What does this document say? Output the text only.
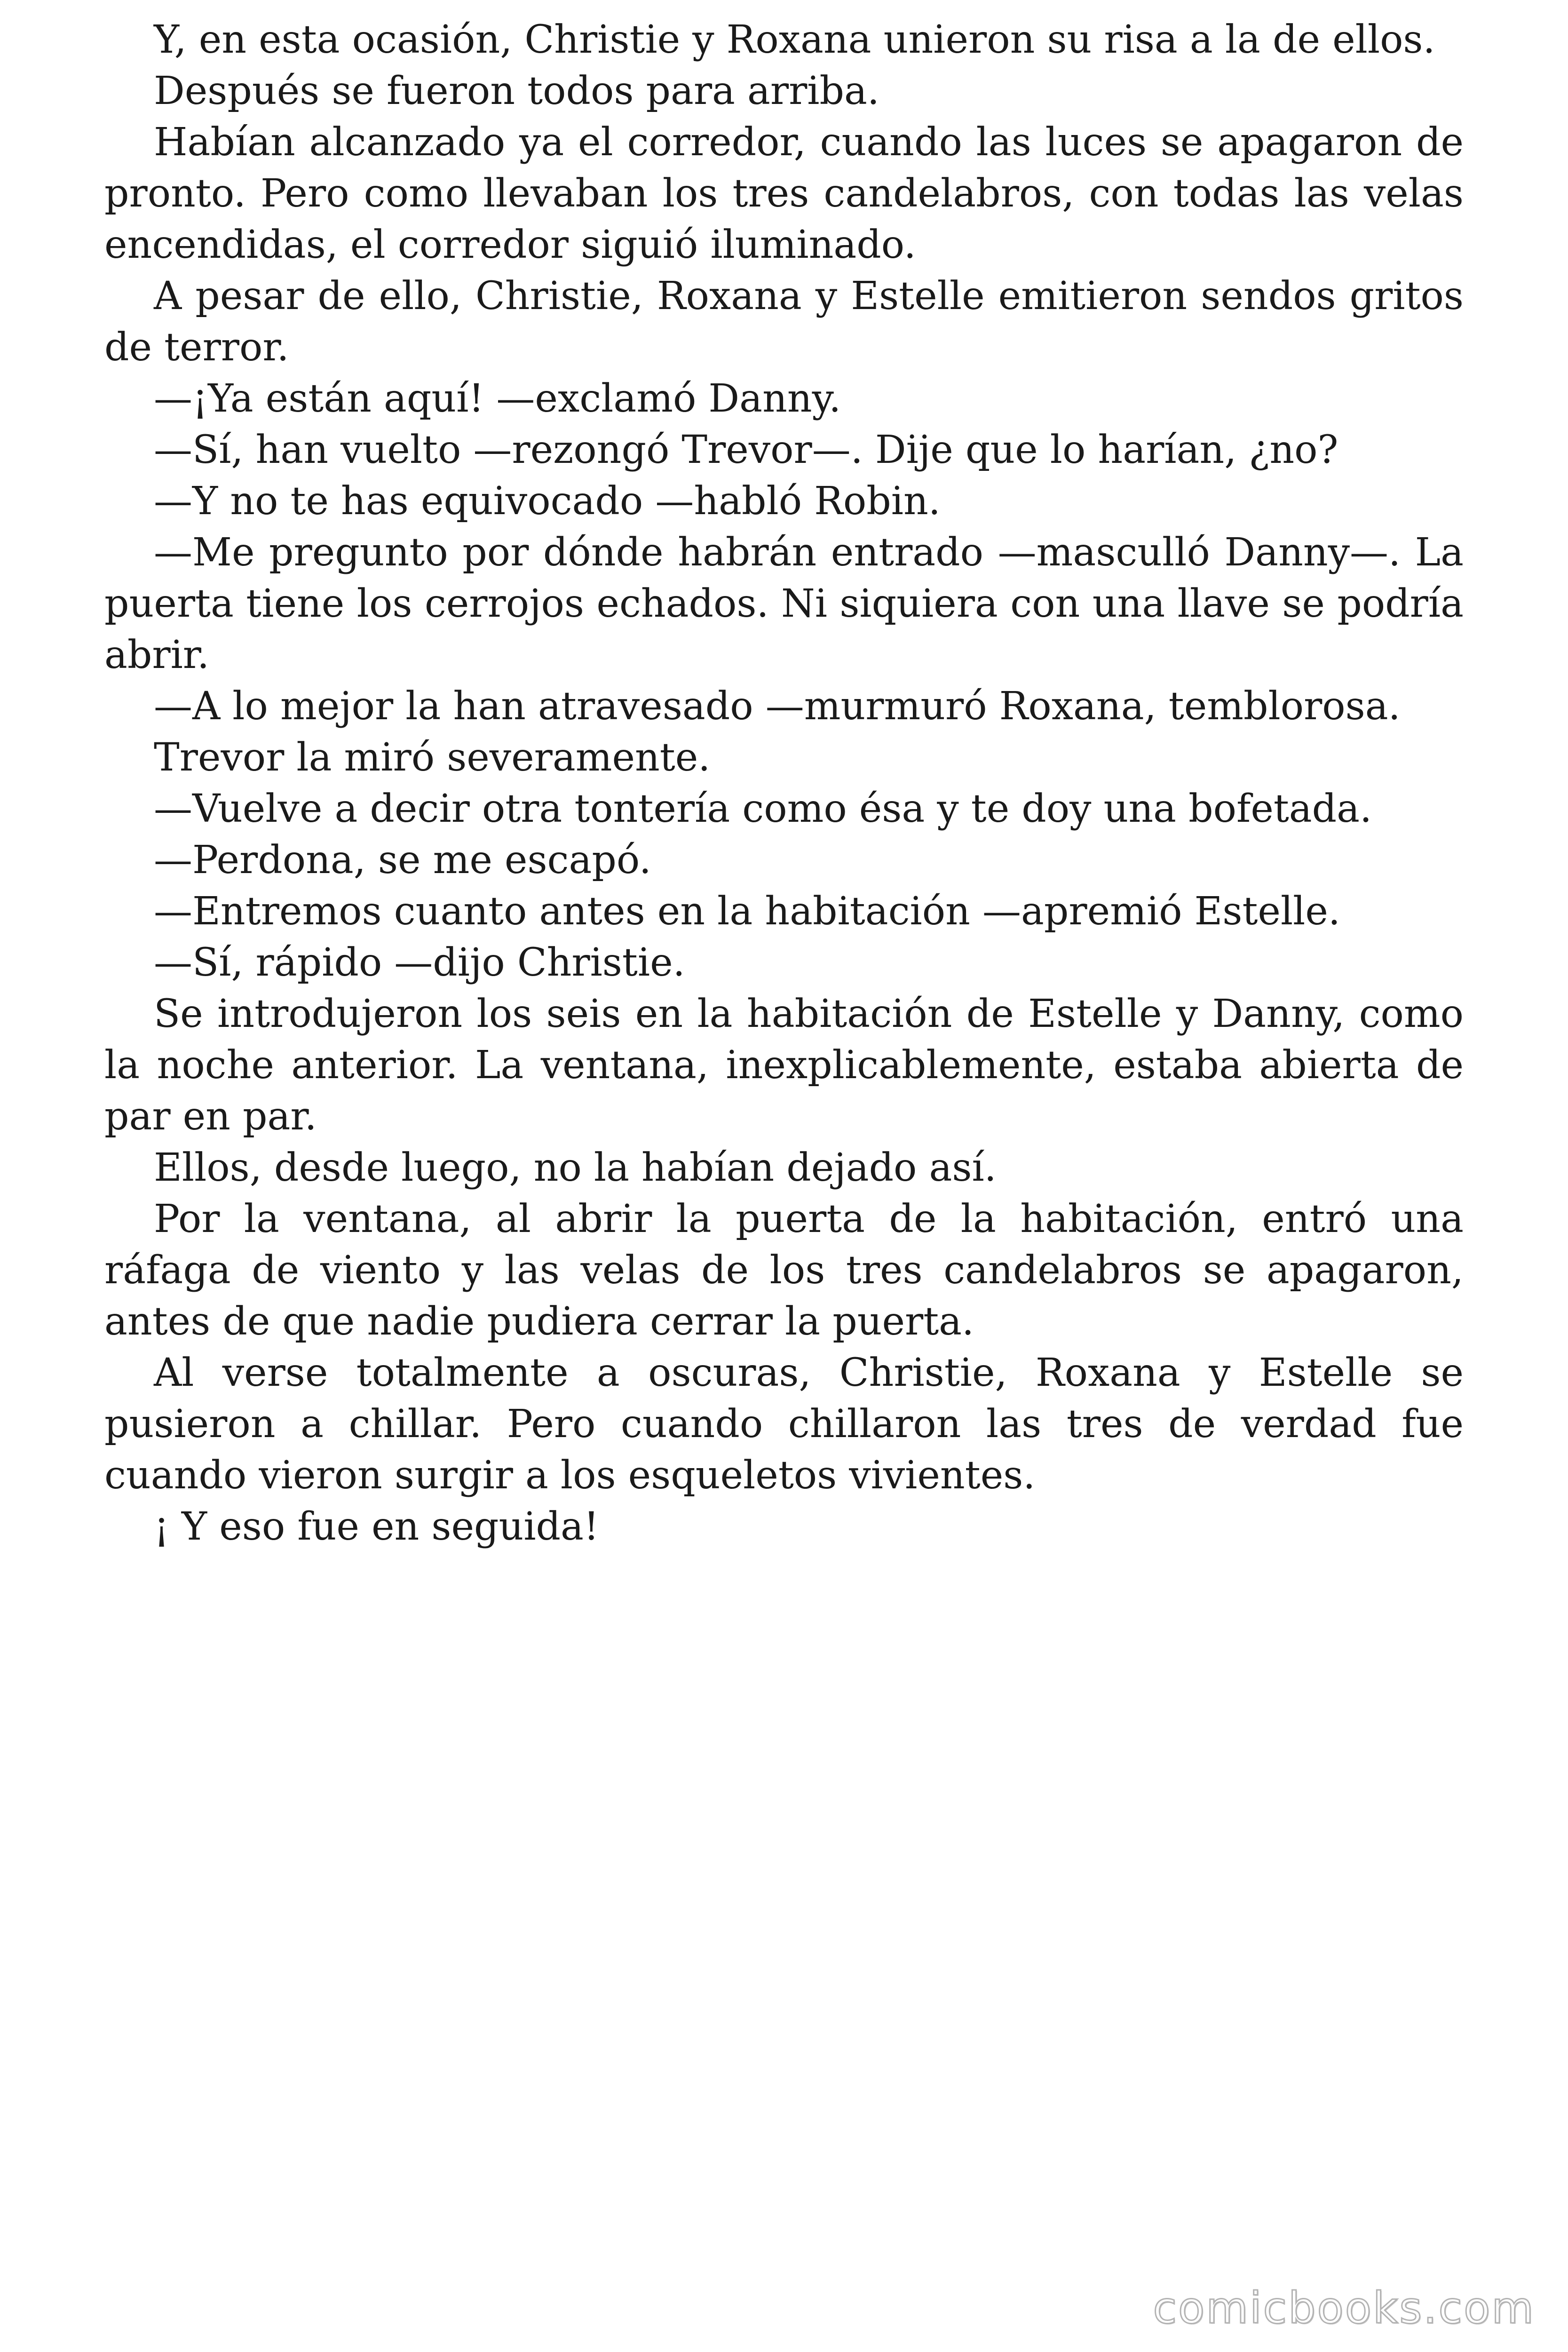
Y, en esta ocasión, Christie y Roxana unieron su risa a la de ellos.

Después se fueron todos para arriba.

Habían alcanzado ya el corredor, cuando las luces se apagaron de pronto. Pero como llevaban los tres candelabros, con todas las velas encendidas, el corredor siguió iluminado.

A pesar de ello, Christie, Roxana y Estelle emitieron sendos gritos de terror.

—¡Ya están aquí! —exclamó Danny.

—Sí, han vuelto —rezongó Trevor—. Dije que lo harían, ¿no?

—Y no te has equivocado —habló Robin.

—Me pregunto por dónde habrán entrado —masculló Danny—. La puerta tiene los cerrojos echados. Ni siquiera con una llave se podría abrir.

—A lo mejor la han atravesado —murmuró Roxana, temblorosa.

Trevor la miró severamente.

—Vuelve a decir otra tontería como ésa y te doy una bofetada.

—Perdona, se me escapó.

—Entremos cuanto antes en la habitación —apremió Estelle.

—Sí, rápido —dijo Christie.

Se introdujeron los seis en la habitación de Estelle y Danny, como la noche anterior. La ventana, inexplicablemente, estaba abierta de par en par.

Ellos, desde luego, no la habían dejado así.

Por la ventana, al abrir la puerta de la habitación, entró una ráfaga de viento y las velas de los tres candelabros se apagaron, antes de que nadie pudiera cerrar la puerta.

Al verse totalmente a oscuras, Christie, Roxana y Estelle se pusieron a chillar. Pero cuando chillaron las tres de verdad fue cuando vieron surgir a los esqueletos vivientes.

¡ Y eso fue en seguida!

comicbooks.com
